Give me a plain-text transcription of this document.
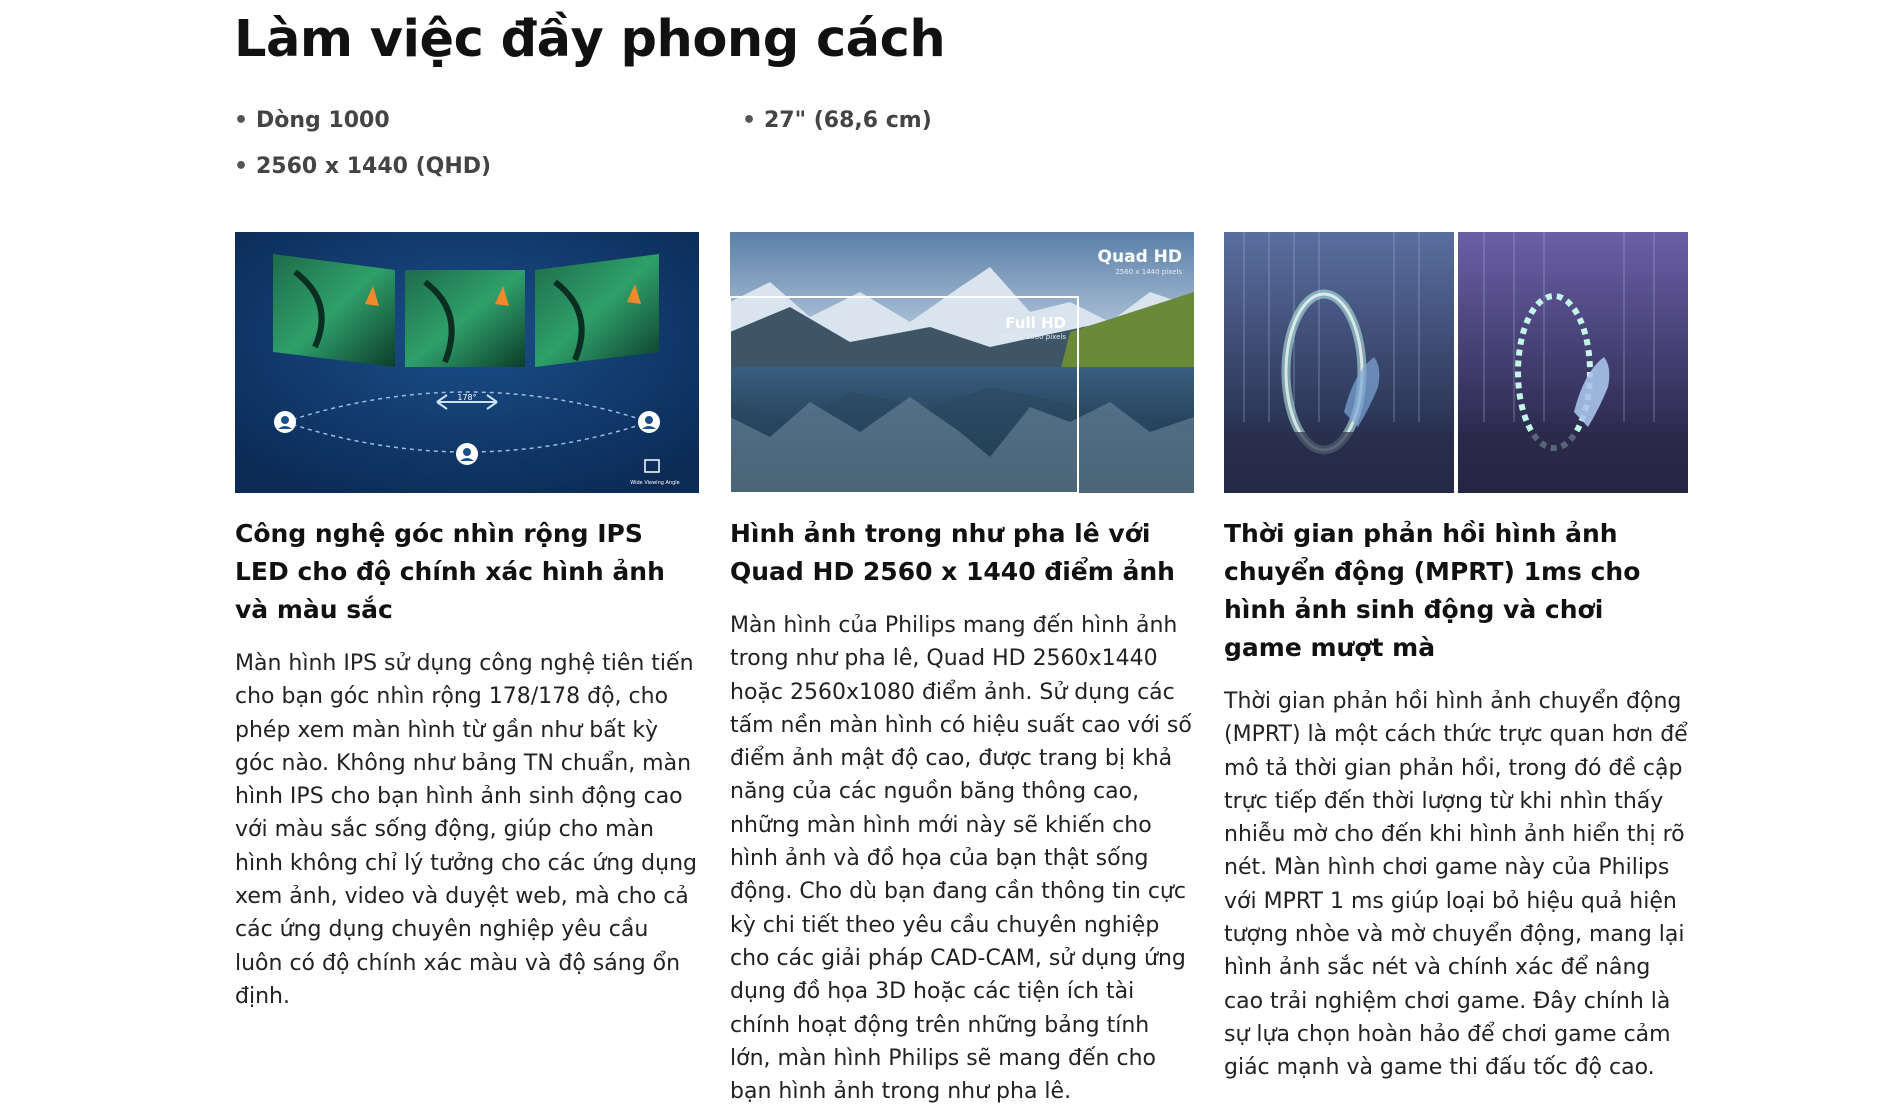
Làm việc đầy phong cách
• Dòng 1000
•	27" (68,6 cm)
• 2560 x 1440 (QHD)
178°
Wide Viewing Angle
Công nghệ góc nhìn rộng IPS LED cho độ chính xác hình ảnh và màu sắc

Màn hình IPS sử dụng công nghệ tiên tiến cho bạn góc nhìn rộng 178/178 độ, cho phép xem màn hình từ gần như bất kỳ góc nào. Không như bảng TN chuẩn, màn hình IPS cho bạn hình ảnh sinh động cao với màu sắc sống động, giúp cho màn hình không chỉ lý tưởng cho các ứng dụng xem ảnh, video và duyệt web, mà cho cả các ứng dụng chuyên nghiệp yêu cầu luôn có độ chính xác màu và độ sáng ổn định.

Quad HD
2560 x 1440 pixels
Full HD
1920 x 1080 pixels
Hình ảnh trong như pha lê với Quad HD 2560 x 1440 điểm ảnh

Màn hình của Philips mang đến hình ảnh trong như pha lê, Quad HD 2560x1440 hoặc 2560x1080 điểm ảnh. Sử dụng các tấm nền màn hình có hiệu suất cao với số điểm ảnh mật độ cao, được trang bị khả năng của các nguồn băng thông cao, những màn hình mới này sẽ khiến cho hình ảnh và đồ họa của bạn thật sống động. Cho dù bạn đang cần thông tin cực kỳ chi tiết theo yêu cầu chuyên nghiệp cho các giải pháp CAD-CAM, sử dụng ứng dụng đồ họa 3D hoặc các tiện ích tài chính hoạt động trên những bảng tính lớn, màn hình Philips sẽ mang đến cho bạn hình ảnh trong như pha lê.

Thời gian phản hồi hình ảnh chuyển động (MPRT) 1ms cho hình ảnh sinh động và chơi game mượt mà

Thời gian phản hồi hình ảnh chuyển động (MPRT) là một cách thức trực quan hơn để mô tả thời gian phản hồi, trong đó đề cập trực tiếp đến thời lượng từ khi nhìn thấy nhiễu mờ cho đến khi hình ảnh hiển thị rõ nét. Màn hình chơi game này của Philips với MPRT 1 ms giúp loại bỏ hiệu quả hiện tượng nhòe và mờ chuyển động, mang lại hình ảnh sắc nét và chính xác để nâng cao trải nghiệm chơi game. Đây chính là sự lựa chọn hoàn hảo để chơi game cảm giác mạnh và game thi đấu tốc độ cao.
